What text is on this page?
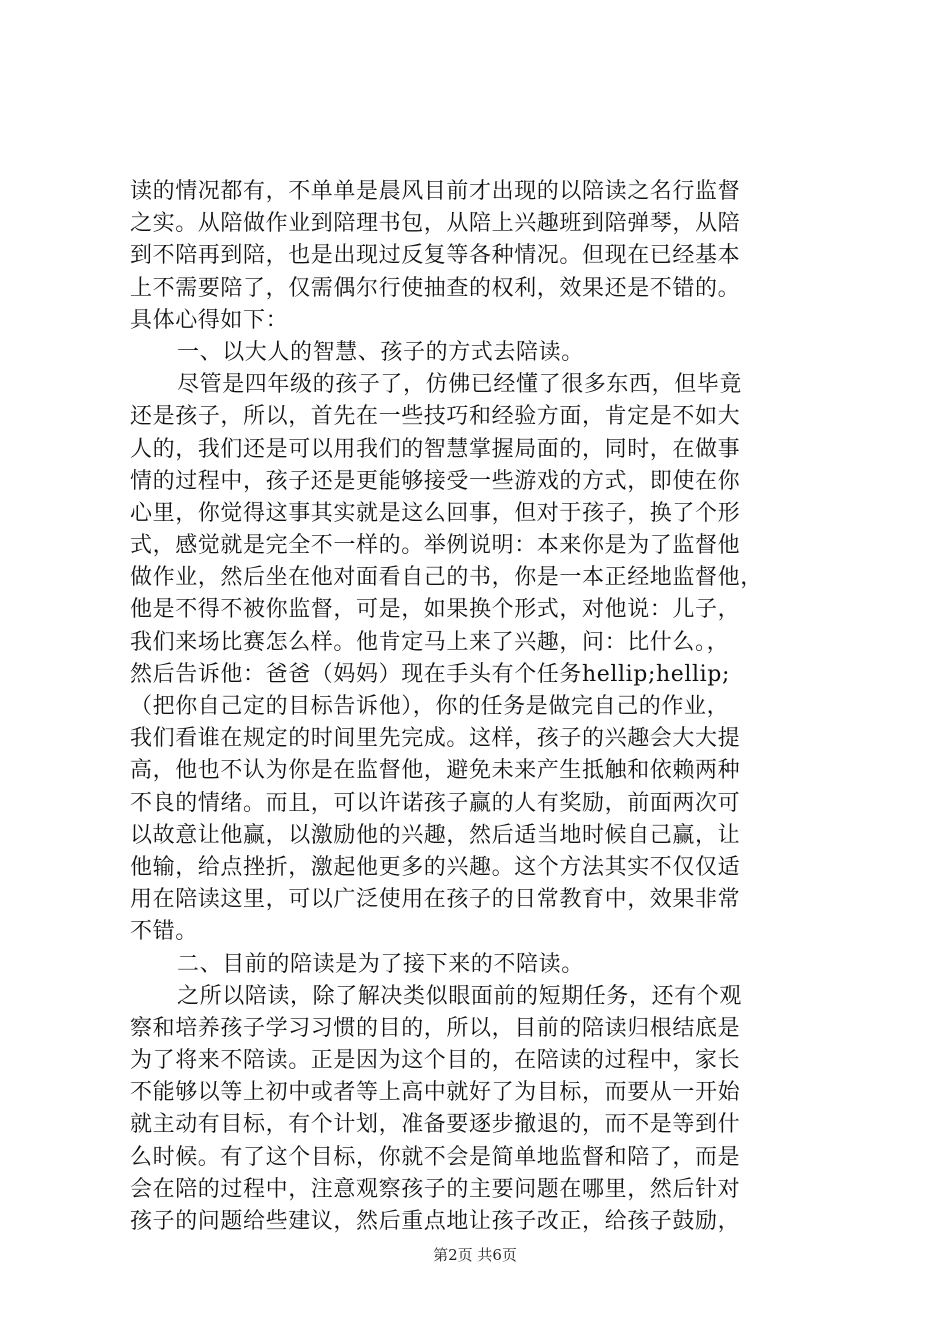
读的情况都有，不单单是晨风目前才出现的以陪读之名行监督
之实。从陪做作业到陪理书包，从陪上兴趣班到陪弹琴，从陪
到不陪再到陪，也是出现过反复等各种情况。但现在已经基本
上不需要陪了，仅需偶尔行使抽查的权利，效果还是不错的。
具体心得如下：
一、以大人的智慧、孩子的方式去陪读。
尽管是四年级的孩子了，仿佛已经懂了很多东西，但毕竟
还是孩子，所以，首先在一些技巧和经验方面，肯定是不如大
人的，我们还是可以用我们的智慧掌握局面的，同时，在做事
情的过程中，孩子还是更能够接受一些游戏的方式，即使在你
心里，你觉得这事其实就是这么回事，但对于孩子，换了个形
式，感觉就是完全不一样的。举例说明：本来你是为了监督他
做作业，然后坐在他对面看自己的书，你是一本正经地监督他，
他是不得不被你监督，可是，如果换个形式，对他说：儿子，
我们来场比赛怎么样。他肯定马上来了兴趣，问：比什么。，
然后告诉他：爸爸（妈妈）现在手头有个任务hellip;hellip;
（把你自己定的目标告诉他），你的任务是做完自己的作业，
我们看谁在规定的时间里先完成。这样，孩子的兴趣会大大提
高，他也不认为你是在监督他，避免未来产生抵触和依赖两种
不良的情绪。而且，可以许诺孩子赢的人有奖励，前面两次可
以故意让他赢，以激励他的兴趣，然后适当地时候自己赢，让
他输，给点挫折，激起他更多的兴趣。这个方法其实不仅仅适
用在陪读这里，可以广泛使用在孩子的日常教育中，效果非常
不错。
二、目前的陪读是为了接下来的不陪读。
之所以陪读，除了解决类似眼面前的短期任务，还有个观
察和培养孩子学习习惯的目的，所以，目前的陪读归根结底是
为了将来不陪读。正是因为这个目的，在陪读的过程中，家长
不能够以等上初中或者等上高中就好了为目标，而要从一开始
就主动有目标，有个计划，准备要逐步撤退的，而不是等到什
么时候。有了这个目标，你就不会是简单地监督和陪了，而是
会在陪的过程中，注意观察孩子的主要问题在哪里，然后针对
孩子的问题给些建议，然后重点地让孩子改正，给孩子鼓励，
第2页 共6页
